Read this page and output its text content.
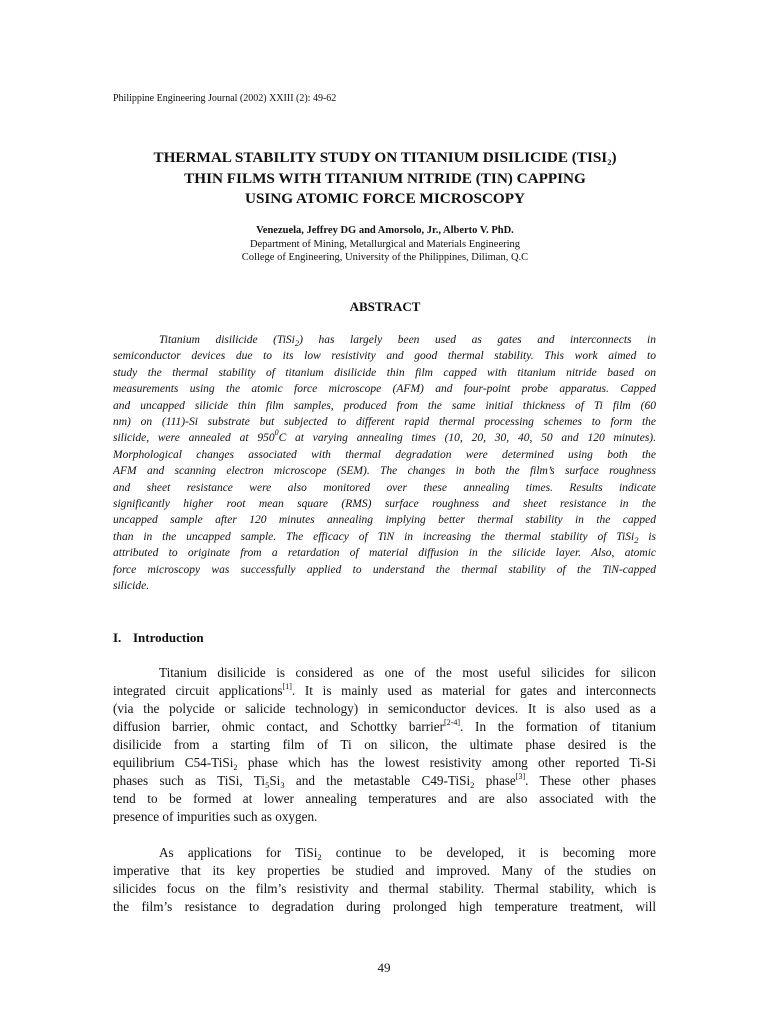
Philippine Engineering Journal (2002) XXIII (2): 49-62
THERMAL STABILITY STUDY ON TITANIUM DISILICIDE $(TISI_2)$
THIN FILMS WITH TITANIUM NITRIDE (TIN) CAPPING
USING ATOMIC FORCE MICROSCOPY
Venezuela, Jeffrey DG and Amorsolo, Jr., Alberto V. PhD.
Department of Mining, Metallurgical and Materials Engineering
College of Engineering, University of the Philippines, Diliman, Q.C
ABSTRACT
Titanium disilicide (TiSi$_2$) has largely been used as gates and interconnects in
semiconductor devices due to its low resistivity and good thermal stability. This work aimed to
study the thermal stability of titanium disilicide thin film capped with titanium nitride based on
measurements using the atomic force microscope (AFM) and four-point probe apparatus. Capped
and uncapped silicide thin film samples, produced from the same initial thickness of Ti film (60
nm) on (111)-Si substrate but subjected to different rapid thermal processing schemes to form the
silicide, were annealed at $950^0C$ at varying annealing times (10, 20, 30, 40, 50 and 120 minutes).
Morphological changes associated with thermal degradation were determined using both the
AFM and scanning electron microscope (SEM). The changes in both the film’s surface roughness
and sheet resistance were also monitored over these annealing times. Results indicate
significantly higher root mean square (RMS) surface roughness and sheet resistance in the
uncapped sample after 120 minutes annealing implying better thermal stability in the capped
than in the uncapped sample. The efficacy of TiN in increasing the thermal stability of TiSi$_2$ is
attributed to originate from a retardation of material diffusion in the silicide layer. Also, atomic
force microscopy was successfully applied to understand the thermal stability of the TiN-capped
silicide.
I. Introduction
Titanium disilicide is considered as one of the most useful silicides for silicon
integrated circuit applications[1]. It is mainly used as material for gates and interconnects
(via the polycide or salicide technology) in semiconductor devices. It is also used as a
diffusion barrier, ohmic contact, and Schottky barrier[2-4]. In the formation of titanium
disilicide from a starting film of Ti on silicon, the ultimate phase desired is the
equilibrium C54-TiSi$_2$ phase which has the lowest resistivity among other reported Ti-Si
phases such as TiSi, $Ti_5Si_3$ and the metastable C49-TiSi$_2$ phase[3]. These other phases
tend to be formed at lower annealing temperatures and are also associated with the
presence of impurities such as oxygen.
As applications for TiSi$_2$ continue to be developed, it is becoming more
imperative that its key properties be studied and improved. Many of the studies on
silicides focus on the film’s resistivity and thermal stability. Thermal stability, which is
the film’s resistance to degradation during prolonged high temperature treatment, will
49
